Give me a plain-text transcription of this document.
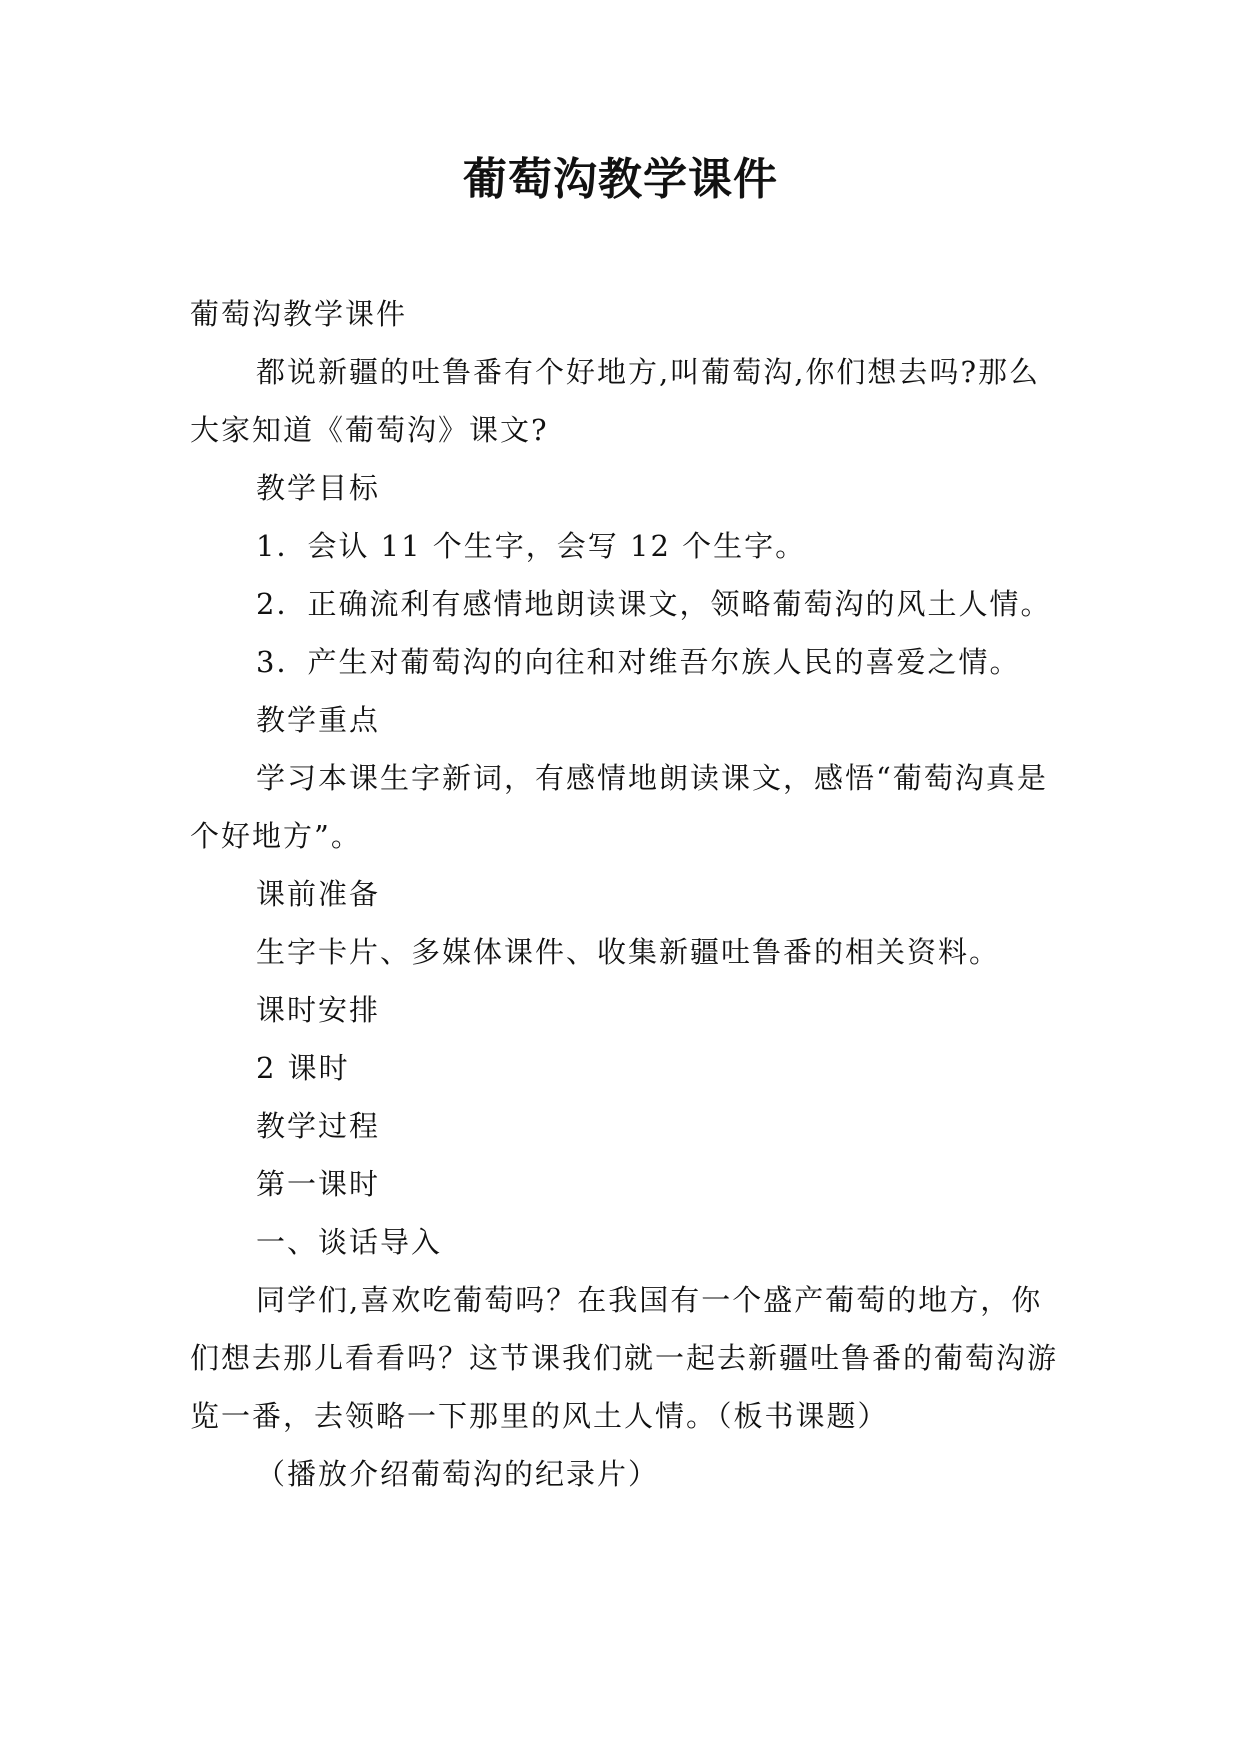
葡萄沟教学课件

葡萄沟教学课件

都说新疆的吐鲁番有个好地方,叫葡萄沟,你们想去吗?那么大家知道《葡萄沟》课文?

教学目标

1．会认 11 个生字，会写 12 个生字。

2．正确流利有感情地朗读课文，领略葡萄沟的风土人情。

3．产生对葡萄沟的向往和对维吾尔族人民的喜爱之情。

教学重点

学习本课生字新词，有感情地朗读课文，感悟“葡萄沟真是个好地方”。

课前准备

生字卡片、多媒体课件、收集新疆吐鲁番的相关资料。

课时安排

2 课时

教学过程

第一课时

一、谈话导入

同学们,喜欢吃葡萄吗？在我国有一个盛产葡萄的地方，你们想去那儿看看吗？这节课我们就一起去新疆吐鲁番的葡萄沟游览一番，去领略一下那里的风土人情。（板书课题）

（播放介绍葡萄沟的纪录片）
